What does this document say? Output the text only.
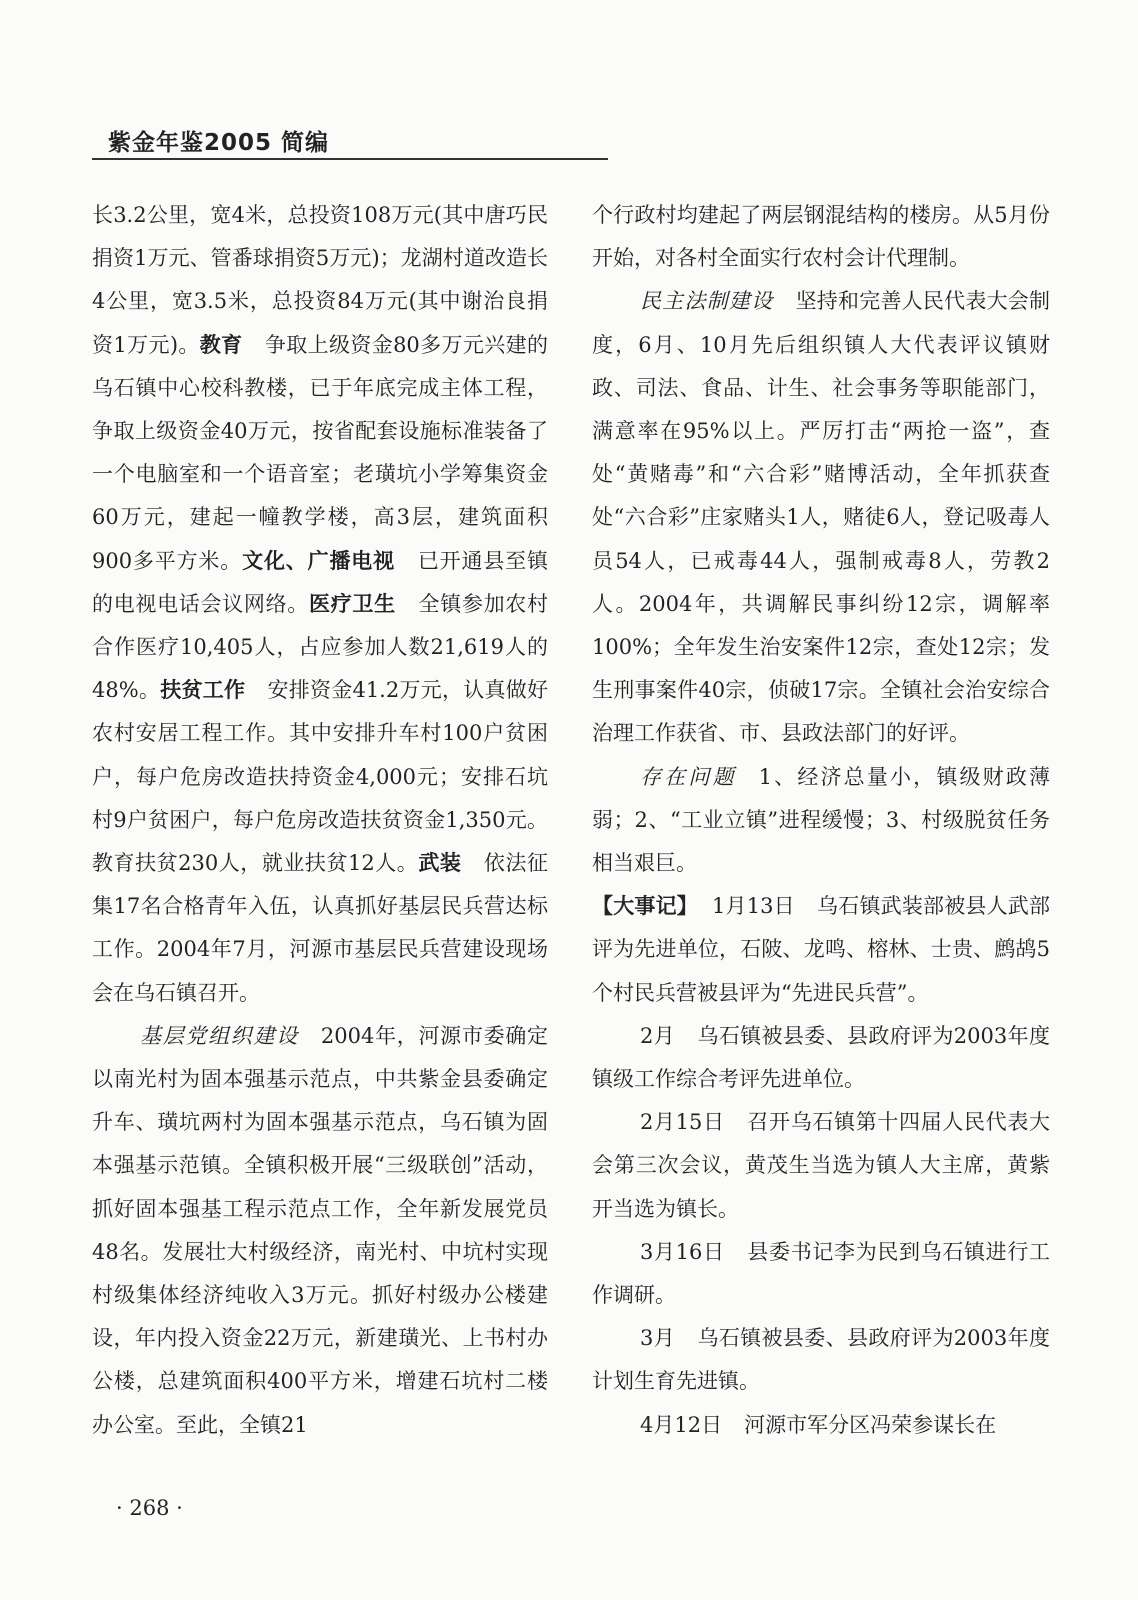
紫金年鉴2005 简编

长3.2公里，宽4米，总投资108万元(其中唐巧民捐资1万元、管番球捐资5万元)；龙湖村道改造长4公里，宽3.5米，总投资84万元(其中谢治良捐资1万元)。教育 争取上级资金80多万元兴建的乌石镇中心校科教楼，已于年底完成主体工程，争取上级资金40万元，按省配套设施标准装备了一个电脑室和一个语音室；老璜坑小学筹集资金60万元，建起一幢教学楼，高3层，建筑面积900多平方米。文化、广播电视 已开通县至镇的电视电话会议网络。医疗卫生 全镇参加农村合作医疗10,405人，占应参加人数21,619人的48%。扶贫工作 安排资金41.2万元，认真做好农村安居工程工作。其中安排升车村100户贫困户，每户危房改造扶持资金4,000元；安排石坑村9户贫困户，每户危房改造扶贫资金1,350元。教育扶贫230人，就业扶贫12人。武装 依法征集17名合格青年入伍，认真抓好基层民兵营达标工作。2004年7月，河源市基层民兵营建设现场会在乌石镇召开。

基层党组织建设 2004年，河源市委确定以南光村为固本强基示范点，中共紫金县委确定升车、璜坑两村为固本强基示范点，乌石镇为固本强基示范镇。全镇积极开展“三级联创”活动，抓好固本强基工程示范点工作，全年新发展党员48名。发展壮大村级经济，南光村、中坑村实现村级集体经济纯收入3万元。抓好村级办公楼建设，年内投入资金22万元，新建璜光、上书村办公楼，总建筑面积400平方米，增建石坑村二楼办公室。至此，全镇21

个行政村均建起了两层钢混结构的楼房。从5月份开始，对各村全面实行农村会计代理制。

民主法制建设 坚持和完善人民代表大会制度，6月、10月先后组织镇人大代表评议镇财政、司法、食品、计生、社会事务等职能部门，满意率在95%以上。严厉打击“两抢一盗”，查处“黄赌毒”和“六合彩”赌博活动，全年抓获查处“六合彩”庄家赌头1人，赌徒6人，登记吸毒人员54人，已戒毒44人，强制戒毒8人，劳教2人。2004年，共调解民事纠纷12宗，调解率100%；全年发生治安案件12宗，查处12宗；发生刑事案件40宗，侦破17宗。全镇社会治安综合治理工作获省、市、县政法部门的好评。

存在问题 1、经济总量小，镇级财政薄弱；2、“工业立镇”进程缓慢；3、村级脱贫任务相当艰巨。

【大事记】 1月13日 乌石镇武装部被县人武部评为先进单位，石陂、龙鸣、榕林、士贵、鹧鸪5个村民兵营被县评为“先进民兵营”。

2月 乌石镇被县委、县政府评为2003年度镇级工作综合考评先进单位。

2月15日 召开乌石镇第十四届人民代表大会第三次会议，黄茂生当选为镇人大主席，黄紫开当选为镇长。

3月16日 县委书记李为民到乌石镇进行工作调研。

3月 乌石镇被县委、县政府评为2003年度计划生育先进镇。

4月12日 河源市军分区冯荣参谋长在

· 268 ·
